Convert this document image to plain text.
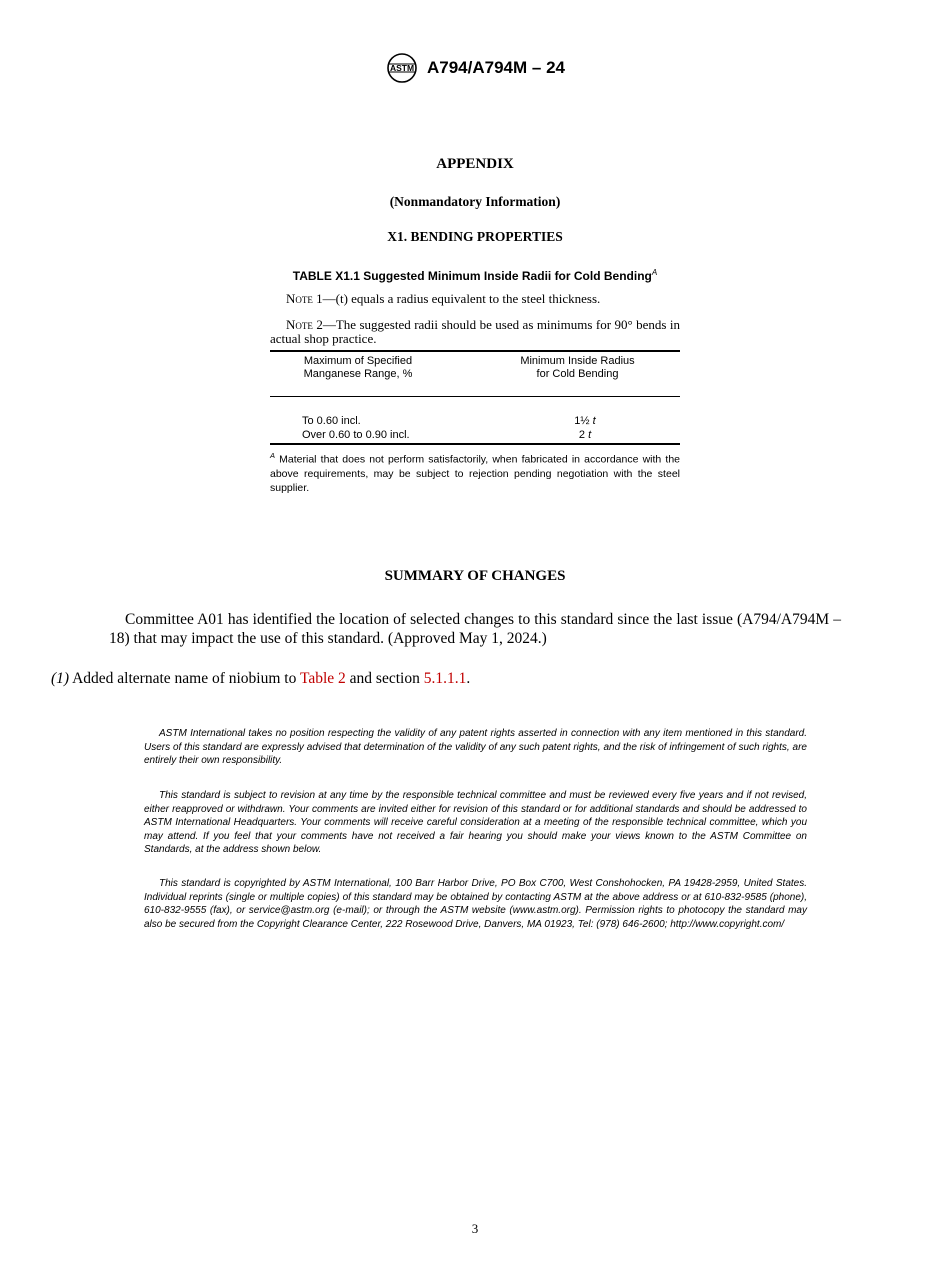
ASTM A794/A794M – 24
APPENDIX
(Nonmandatory Information)
X1. BENDING PROPERTIES
TABLE X1.1 Suggested Minimum Inside Radii for Cold Bending$^A$
Note 1—(t) equals a radius equivalent to the steel thickness.
Note 2—The suggested radii should be used as minimums for 90° bends in actual shop practice.
Maximum of Specified
Manganese Range, %
Minimum Inside Radius
for Cold Bending
To 0.60 incl.	1½ t
Over 0.60 to 0.90 incl.	2 t
$^A$ Material that does not perform satisfactorily, when fabricated in accordance with the above requirements, may be subject to rejection pending negotiation with the steel supplier.
SUMMARY OF CHANGES
Committee A01 has identified the location of selected changes to this standard since the last issue (A794/A794M – 18) that may impact the use of this standard. (Approved May 1, 2024.)
(1) Added alternate name of niobium to Table 2 and section 5.1.1.1.
ASTM International takes no position respecting the validity of any patent rights asserted in connection with any item mentioned in this standard. Users of this standard are expressly advised that determination of the validity of any such patent rights, and the risk of infringement of such rights, are entirely their own responsibility.
This standard is subject to revision at any time by the responsible technical committee and must be reviewed every five years and if not revised, either reapproved or withdrawn. Your comments are invited either for revision of this standard or for additional standards and should be addressed to ASTM International Headquarters. Your comments will receive careful consideration at a meeting of the responsible technical committee, which you may attend. If you feel that your comments have not received a fair hearing you should make your views known to the ASTM Committee on Standards, at the address shown below.
This standard is copyrighted by ASTM International, 100 Barr Harbor Drive, PO Box C700, West Conshohocken, PA 19428-2959, United States. Individual reprints (single or multiple copies) of this standard may be obtained by contacting ASTM at the above address or at 610-832-9585 (phone), 610-832-9555 (fax), or service@astm.org (e-mail); or through the ASTM website (www.astm.org). Permission rights to photocopy the standard may also be secured from the Copyright Clearance Center, 222 Rosewood Drive, Danvers, MA 01923, Tel: (978) 646-2600; http://www.copyright.com/
3
